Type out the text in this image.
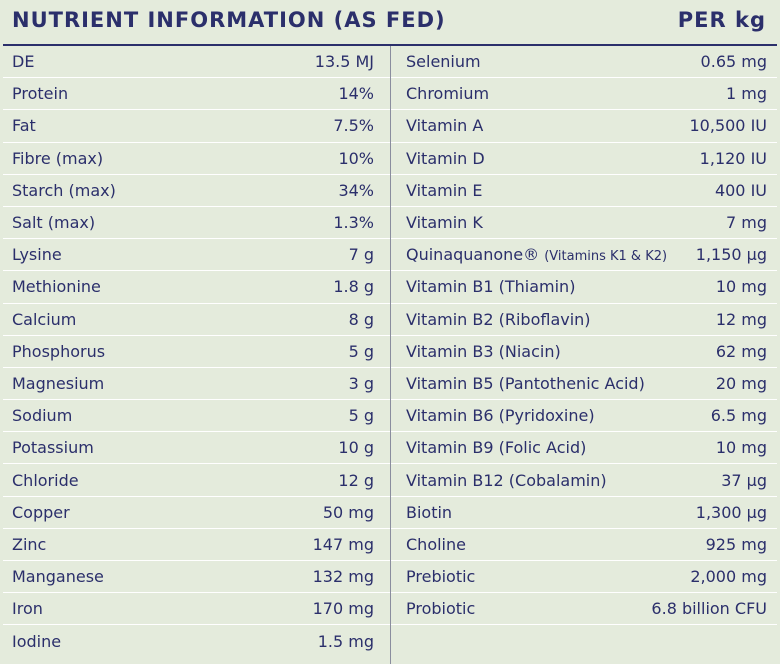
NUTRIENT INFORMATION (AS FED)	PER kg
DE	13.5 MJ
Protein	14%
Fat	7.5%
Fibre (max)	10%
Starch (max)	34%
Salt (max)	1.3%
Lysine	7 g
Methionine	1.8 g
Calcium	8 g
Phosphorus	5 g
Magnesium	3 g
Sodium	5 g
Potassium	10 g
Chloride	12 g
Copper	50 mg
Zinc	147 mg
Manganese	132 mg
Iron	170 mg
Iodine	1.5 mg
Selenium	0.65 mg
Chromium	1 mg
Vitamin A	10,500 IU
Vitamin D	1,120 IU
Vitamin E	400 IU
Vitamin K	7 mg
Quinaquanone® (Vitamins K1 & K2) 1,150 μg
Vitamin B1 (Thiamin)	10 mg
Vitamin B2 (Riboflavin)	12 mg
Vitamin B3 (Niacin)	62 mg
Vitamin B5 (Pantothenic Acid)	20 mg
Vitamin B6 (Pyridoxine)	6.5 mg
Vitamin B9 (Folic Acid)	10 mg
Vitamin B12 (Cobalamin)	37 μg
Biotin	1,300 μg
Choline	925 mg
Prebiotic	2,000 mg
Probiotic	6.8 billion CFU
